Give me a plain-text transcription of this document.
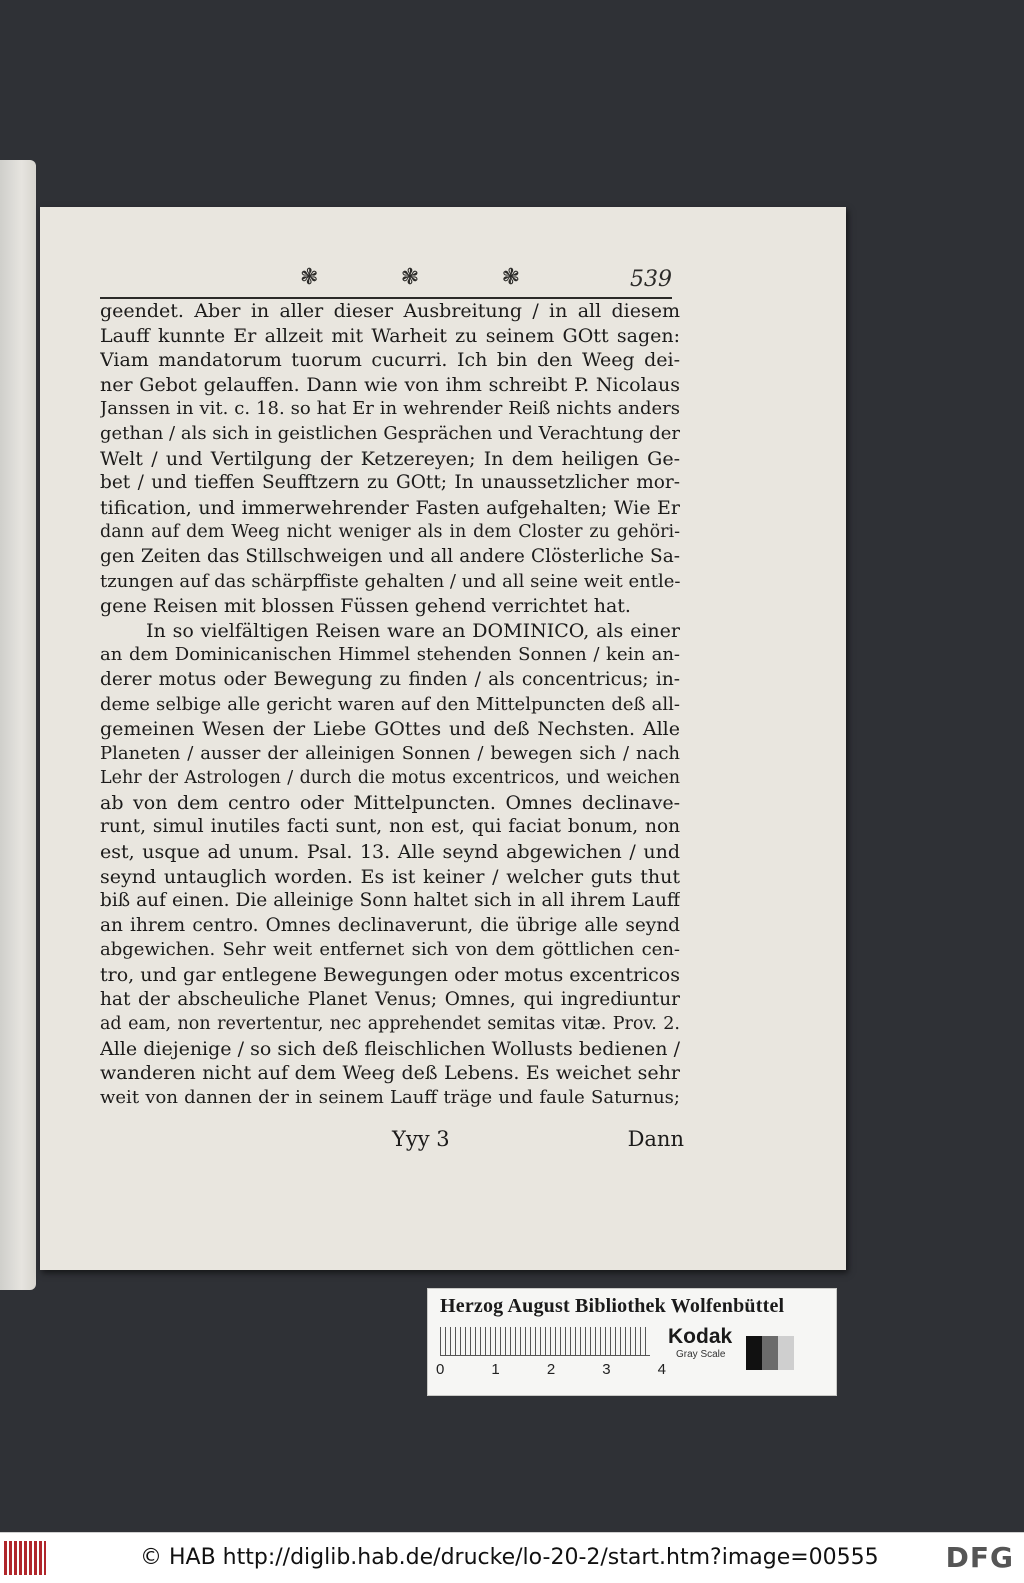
❃	❃	❃	539
geendet. Aber in aller dieser Ausbreitung / in all diesem
Lauff kunnte Er allzeit mit Warheit zu seinem GOtt sagen:
Viam mandatorum tuorum cucurri. Ich bin den Weeg dei-
ner Gebot gelauffen. Dann wie von ihm schreibt P. Nicolaus
Janssen in vit. c. 18. so hat Er in wehrender Reiß nichts anders
gethan / als sich in geistlichen Gesprächen und Verachtung der
Welt / und Vertilgung der Ketzereyen; In dem heiligen Ge-
bet / und tieffen Seufftzern zu GOtt; In unaussetzlicher mor-
tification, und immerwehrender Fasten aufgehalten; Wie Er
dann auf dem Weeg nicht weniger als in dem Closter zu gehöri-
gen Zeiten das Stillschweigen und all andere Clösterliche Sa-
tzungen auf das schärpffiste gehalten / und all seine weit entle-
gene Reisen mit blossen Füssen gehend verrichtet hat.
In so vielfältigen Reisen ware an DOMINICO, als einer
an dem Dominicanischen Himmel stehenden Sonnen / kein an-
derer motus oder Bewegung zu finden / als concentricus; in-
deme selbige alle gericht waren auf den Mittelpuncten deß all-
gemeinen Wesen der Liebe GOttes und deß Nechsten. Alle
Planeten / ausser der alleinigen Sonnen / bewegen sich / nach
Lehr der Astrologen / durch die motus excentricos, und weichen
ab von dem centro oder Mittelpuncten. Omnes declinave-
runt, simul inutiles facti sunt, non est, qui faciat bonum, non
est, usque ad unum. Psal. 13. Alle seynd abgewichen / und
seynd untauglich worden. Es ist keiner / welcher guts thut
biß auf einen. Die alleinige Sonn haltet sich in all ihrem Lauff
an ihrem centro. Omnes declinaverunt, die übrige alle seynd
abgewichen. Sehr weit entfernet sich von dem göttlichen cen-
tro, und gar entlegene Bewegungen oder motus excentricos
hat der abscheuliche Planet Venus; Omnes, qui ingrediuntur
ad eam, non revertentur, nec apprehendet semitas vitæ. Prov. 2.
Alle diejenige / so sich deß fleischlichen Wollusts bedienen /
wanderen nicht auf dem Weeg deß Lebens. Es weichet sehr
weit von dannen der in seinem Lauff träge und faule Saturnus;
Yyy 3	Dann
Herzog August Bibliothek Wolfenbüttel
0	1	2	3	4
Kodak
Gray Scale
© HAB http://diglib.hab.de/drucke/lo-20-2/start.htm?image=00555 DFG
